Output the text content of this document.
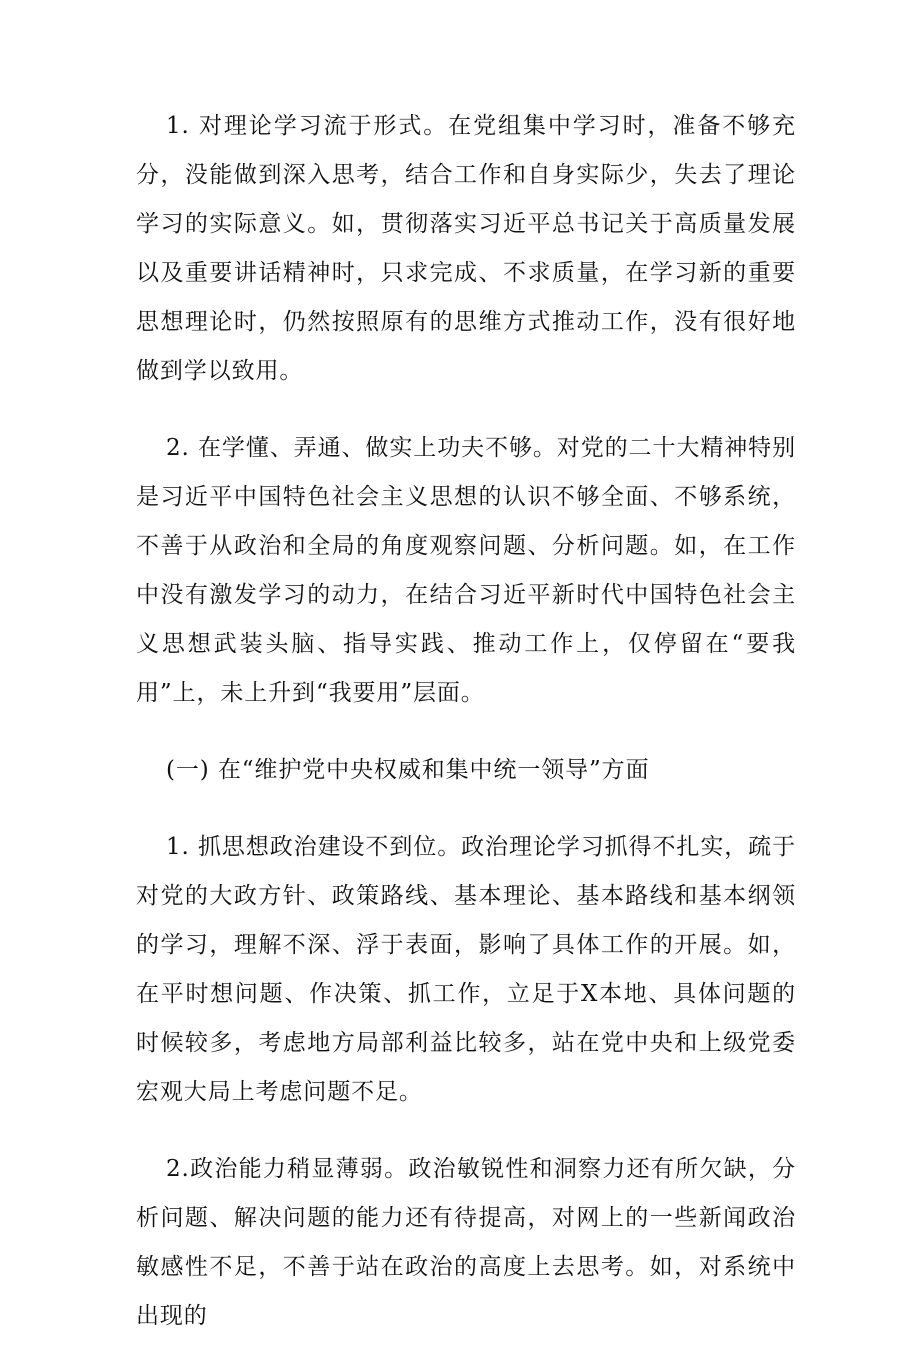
1. 对理论学习流于形式。在党组集中学习时，准备不够充分，没能做到深入思考，结合工作和自身实际少，失去了理论学习的实际意义。如，贯彻落实习近平总书记关于高质量发展以及重要讲话精神时，只求完成、不求质量，在学习新的重要思想理论时，仍然按照原有的思维方式推动工作，没有很好地做到学以致用。

2. 在学懂、弄通、做实上功夫不够。对党的二十大精神特别是习近平中国特色社会主义思想的认识不够全面、不够系统，不善于从政治和全局的角度观察问题、分析问题。如，在工作中没有激发学习的动力，在结合习近平新时代中国特色社会主义思想武装头脑、指导实践、推动工作上，仅停留在“要我用”上，未上升到“我要用”层面。

(一) 在“维护党中央权威和集中统一领导”方面

1. 抓思想政治建设不到位。政治理论学习抓得不扎实，疏于对党的大政方针、政策路线、基本理论、基本路线和基本纲领的学习，理解不深、浮于表面，影响了具体工作的开展。如，在平时想问题、作决策、抓工作，立足于X本地、具体问题的时候较多，考虑地方局部利益比较多，站在党中央和上级党委宏观大局上考虑问题不足。

2.政治能力稍显薄弱。政治敏锐性和洞察力还有所欠缺，分析问题、解决问题的能力还有待提高，对网上的一些新闻政治敏感性不足，不善于站在政治的高度上去思考。如，对系统中出现的
